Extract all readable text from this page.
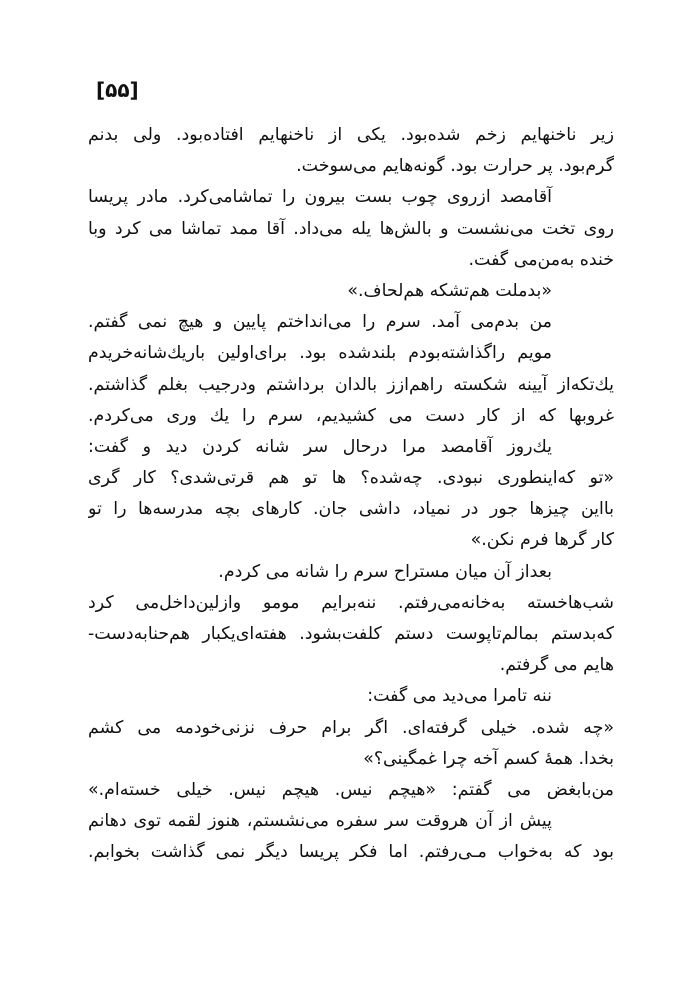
[۵۵]
زیر ناخنهایم زخم شده‌بود. یکی از ناخنهایم افتاده‌بود. ولی بدنم
گرم‌بود. پر حرارت بود. گونه‌هایم می‌سوخت.
آقامصد ازروی چوب بست بیرون را تماشامی‌کرد. مادر پریسا
روی تخت می‌نشست و بالش‌ها یله می‌داد. آقا ممد تماشا می کرد وبا
خنده به‌من‌می گفت.
«بدملت هم‌تشکه هم‌لحاف.»
من بدم‌می آمد. سرم را می‌انداختم پایین و هیچ نمی گفتم.
مویم راگذاشته‌بودم بلندشده بود. برای‌اولین باریك‌شانه‌خریدم
یك‌تکه‌از آیینه شکسته راهم‌ازز بالدان برداشتم ودرجیب بغلم گذاشتم.
غروبها که از کار دست می کشیدیم، سرم را یك وری می‌کردم.
یك‌روز آقامصد مرا درحال سر شانه کردن دید و گفت:
«تو که‌اینطوری نبودی. چه‌شده؟ ها تو هم قرتی‌شدی؟ کار گری
بااین چیزها جور در نمیاد، داشی جان. کارهای بچه مدرسه‌ها را تو
کار گرها فرم نکن.»
بعداز آن میان مستراح سرم را شانه می کردم.
شب‌ها‌خسته به‌خانه‌می‌رفتم. ننه‌برایم مومو وازلین‌داخل‌می کرد
که‌بدستم بمالم‌تاپوست دستم کلفت‌بشود. هفته‌ای‌یکبار هم‌حنابه‌دست-
هایم می گرفتم.
ننه تامرا می‌دید می گفت:
«چه شده. خیلی گرفته‌ای. اگر برام حرف نزنی‌خودمه می کشم
بخدا. همهٔ کسم آخه چرا غمگینی؟»
من‌بابغض می گفتم: «هیچم نیس. هیچم نیس. خیلی خسته‌ام.»
پیش از آن هروقت سر سفره می‌نشستم، هنوز لقمه توی دهانم
بود که به‌خواب مـی‌رفتم. اما فکر پریسا دیگر نمی گذاشت بخوابم.
